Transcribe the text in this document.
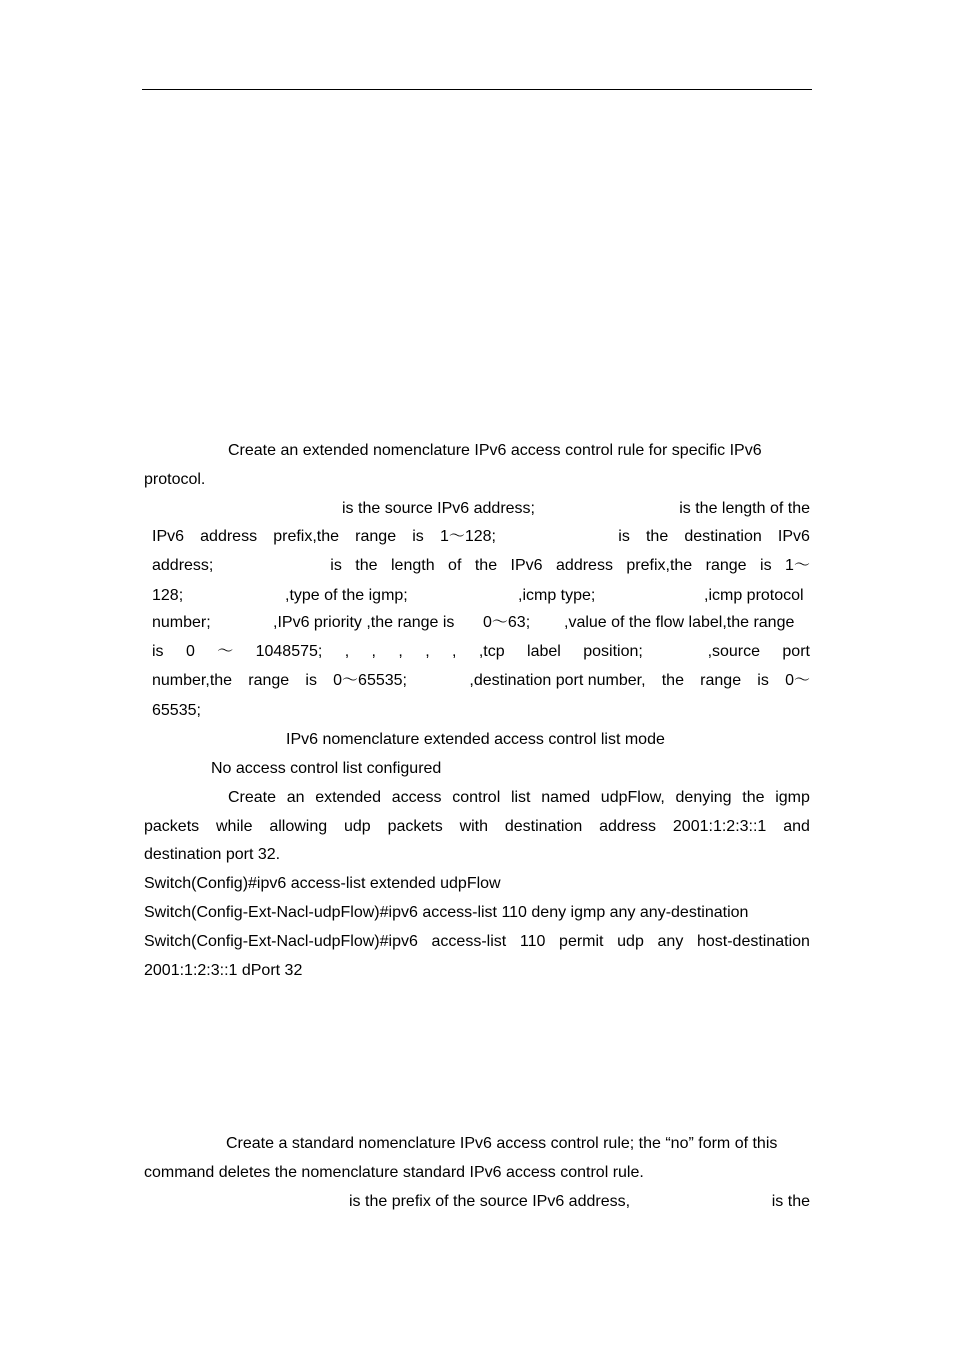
Create an extended nomenclature IPv6 access control rule for specific IPv6
protocol.
is the source IPv6 address;	is the length of the
IPv6 address prefix,the range is 1～128;	is the destination IPv6
address;	is the length of the IPv6 address prefix,the range is 1～
128;	,type of the igmp;	,icmp type;	,icmp protocol
number;	,IPv6 priority ,the range is 0～63; ,value of the flow label,the range
is 0 ～ 1048575; , , , , , ,tcp label position;	,source port
number,the range is 0～65535;	,destination port number, the range is 0～
65535;
IPv6 nomenclature extended access control list mode
No access control list configured
Create an extended access control list named udpFlow, denying the igmp
packets while allowing udp packets with destination address 2001:1:2:3::1 and
destination port 32.
Switch(Config)#ipv6 access-list extended udpFlow
Switch(Config-Ext-Nacl-udpFlow)#ipv6 access-list 110 deny igmp any any-destination
Switch(Config-Ext-Nacl-udpFlow)#ipv6 access-list 110 permit udp any host-destination
2001:1:2:3::1 dPort 32
Create a standard nomenclature IPv6 access control rule; the “no” form of this
command deletes the nomenclature standard IPv6 access control rule.
is the prefix of the source IPv6 address,	is the
